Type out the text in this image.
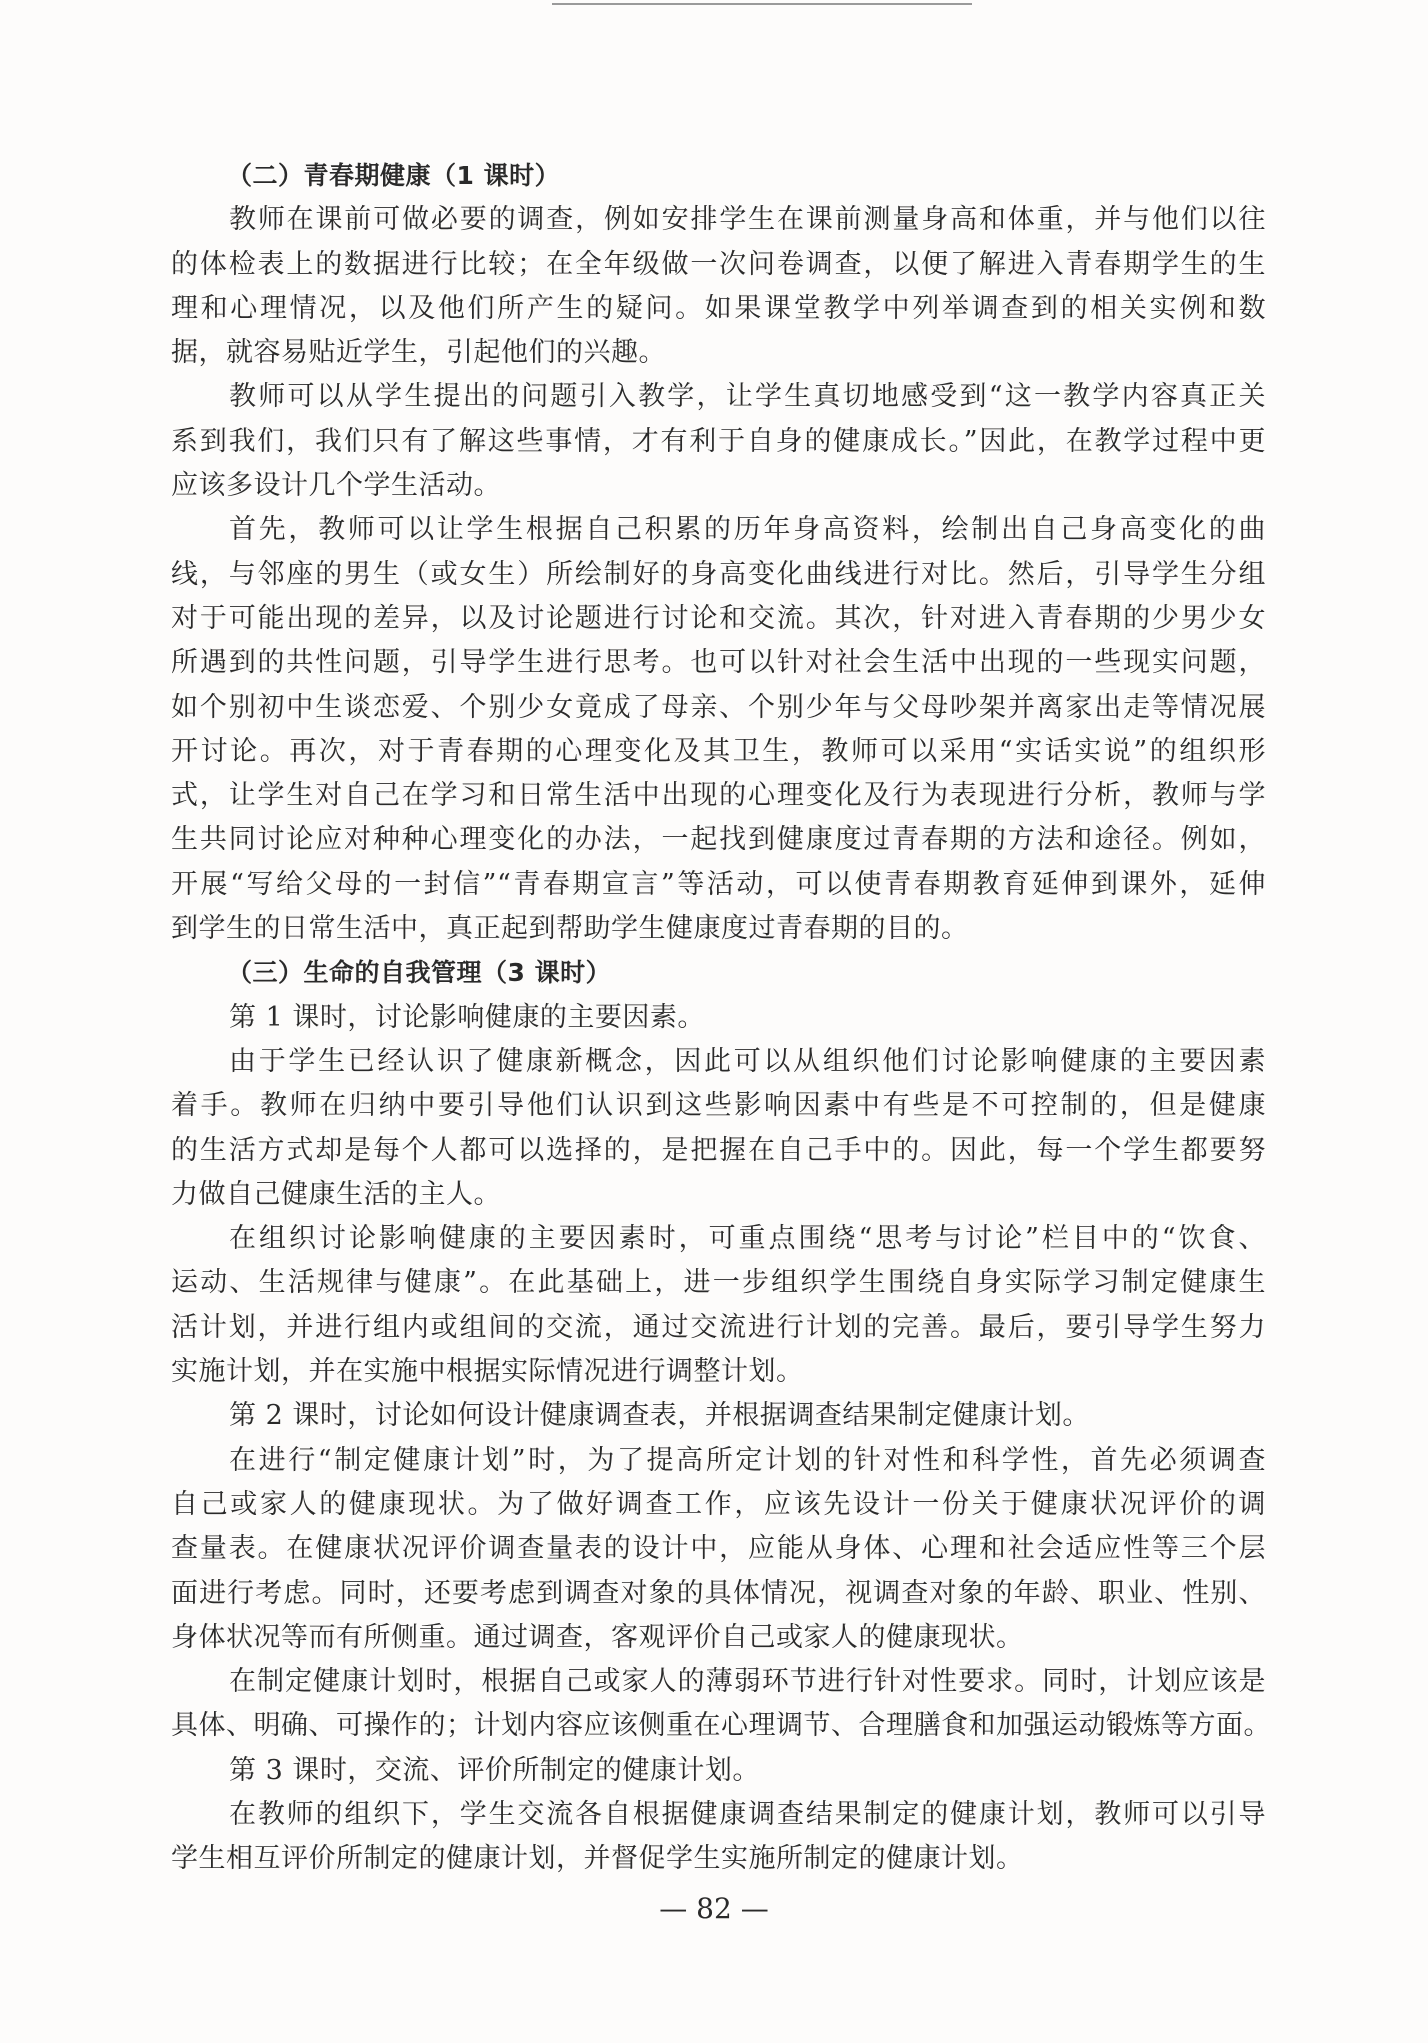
（二）青春期健康（1 课时）
教师在课前可做必要的调查，例如安排学生在课前测量身高和体重，并与他们以往
的体检表上的数据进行比较；在全年级做一次问卷调查，以便了解进入青春期学生的生
理和心理情况，以及他们所产生的疑问。如果课堂教学中列举调查到的相关实例和数
据，就容易贴近学生，引起他们的兴趣。
教师可以从学生提出的问题引入教学，让学生真切地感受到“这一教学内容真正关
系到我们，我们只有了解这些事情，才有利于自身的健康成长。”因此，在教学过程中更
应该多设计几个学生活动。
首先，教师可以让学生根据自己积累的历年身高资料，绘制出自己身高变化的曲
线，与邻座的男生（或女生）所绘制好的身高变化曲线进行对比。然后，引导学生分组
对于可能出现的差异，以及讨论题进行讨论和交流。其次，针对进入青春期的少男少女
所遇到的共性问题，引导学生进行思考。也可以针对社会生活中出现的一些现实问题，
如个别初中生谈恋爱、个别少女竟成了母亲、个别少年与父母吵架并离家出走等情况展
开讨论。再次，对于青春期的心理变化及其卫生，教师可以采用“实话实说”的组织形
式，让学生对自己在学习和日常生活中出现的心理变化及行为表现进行分析，教师与学
生共同讨论应对种种心理变化的办法，一起找到健康度过青春期的方法和途径。例如，
开展“写给父母的一封信”“青春期宣言”等活动，可以使青春期教育延伸到课外，延伸
到学生的日常生活中，真正起到帮助学生健康度过青春期的目的。
（三）生命的自我管理（3 课时）
第 1 课时，讨论影响健康的主要因素。
由于学生已经认识了健康新概念，因此可以从组织他们讨论影响健康的主要因素
着手。教师在归纳中要引导他们认识到这些影响因素中有些是不可控制的，但是健康
的生活方式却是每个人都可以选择的，是把握在自己手中的。因此，每一个学生都要努
力做自己健康生活的主人。
在组织讨论影响健康的主要因素时，可重点围绕“思考与讨论”栏目中的“饮食、
运动、生活规律与健康”。在此基础上，进一步组织学生围绕自身实际学习制定健康生
活计划，并进行组内或组间的交流，通过交流进行计划的完善。最后，要引导学生努力
实施计划，并在实施中根据实际情况进行调整计划。
第 2 课时，讨论如何设计健康调查表，并根据调查结果制定健康计划。
在进行“制定健康计划”时，为了提高所定计划的针对性和科学性，首先必须调查
自己或家人的健康现状。为了做好调查工作，应该先设计一份关于健康状况评价的调
查量表。在健康状况评价调查量表的设计中，应能从身体、心理和社会适应性等三个层
面进行考虑。同时，还要考虑到调查对象的具体情况，视调查对象的年龄、职业、性别、
身体状况等而有所侧重。通过调查，客观评价自己或家人的健康现状。
在制定健康计划时，根据自己或家人的薄弱环节进行针对性要求。同时，计划应该是
具体、明确、可操作的；计划内容应该侧重在心理调节、合理膳食和加强运动锻炼等方面。
第 3 课时，交流、评价所制定的健康计划。
在教师的组织下，学生交流各自根据健康调查结果制定的健康计划，教师可以引导
学生相互评价所制定的健康计划，并督促学生实施所制定的健康计划。
— 82 —
